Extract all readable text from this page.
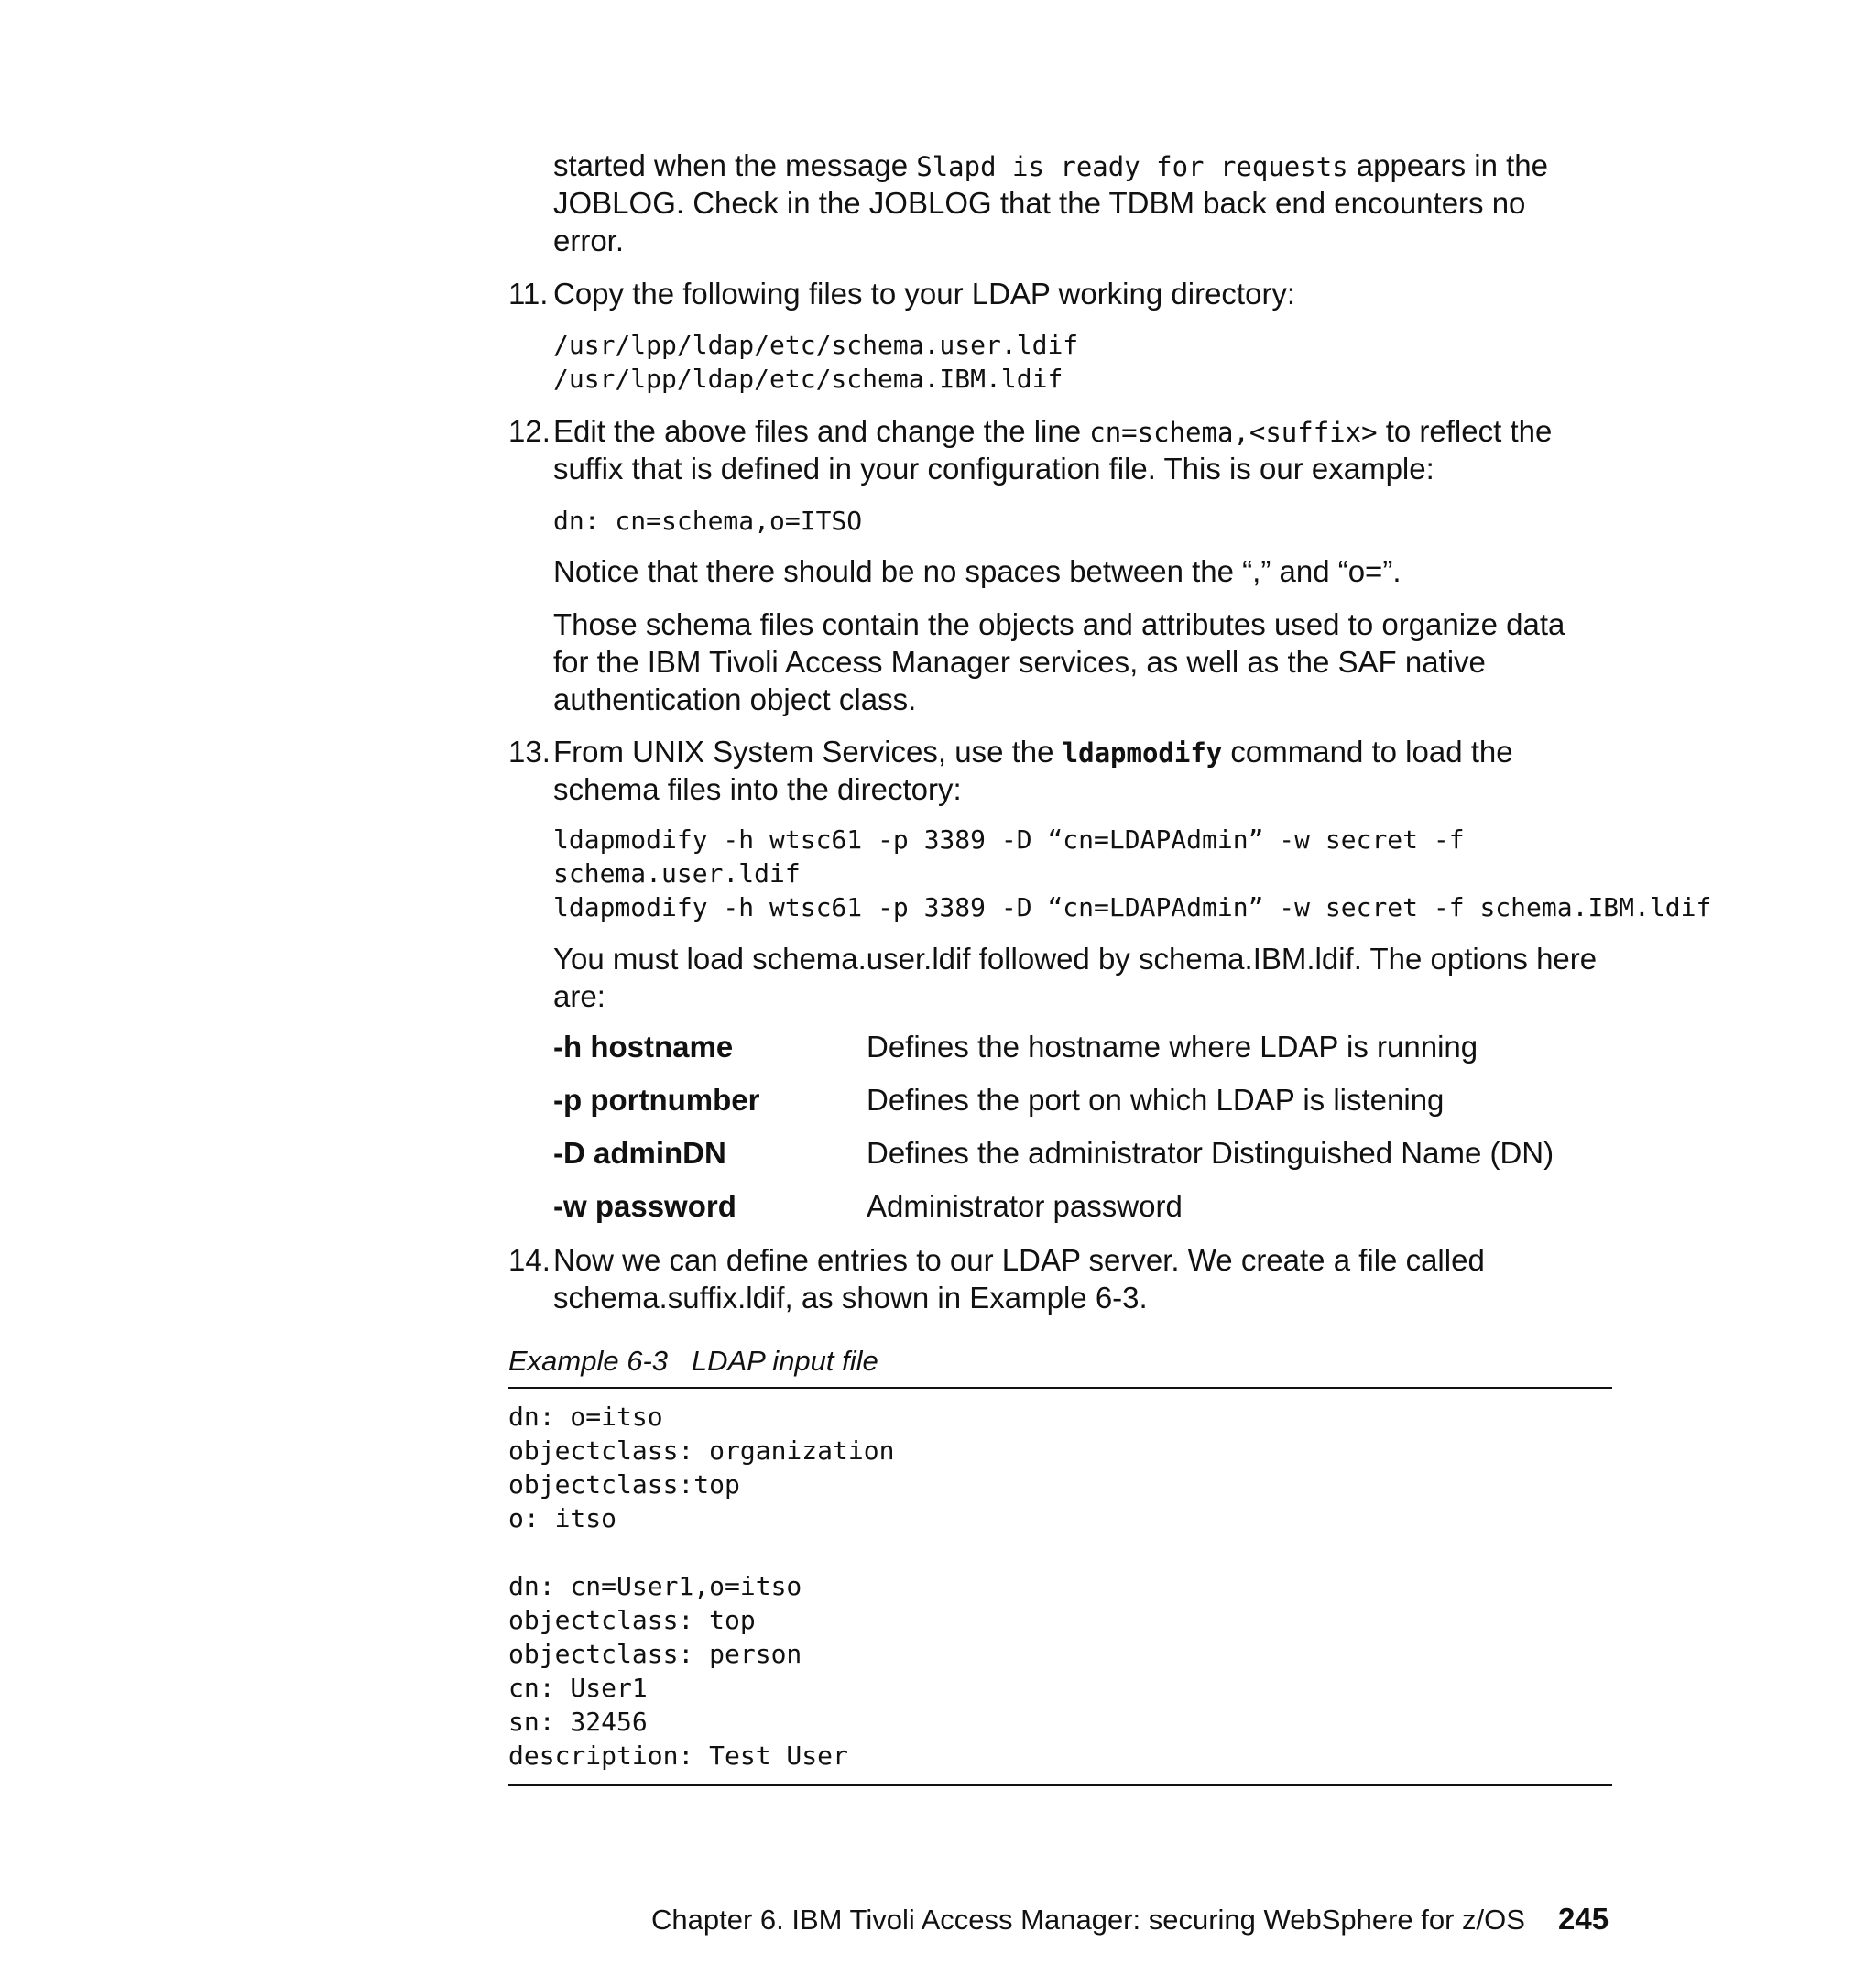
started when the message Slapd is ready for requests appears in the
JOBLOG. Check in the JOBLOG that the TDBM back end encounters no
error.
11. Copy the following files to your LDAP working directory:
/usr/lpp/ldap/etc/schema.user.ldif
/usr/lpp/ldap/etc/schema.IBM.ldif
12. Edit the above files and change the line cn=schema,<suffix> to reflect the
suffix that is defined in your configuration file. This is our example:
dn: cn=schema,o=ITSO
Notice that there should be no spaces between the “,” and “o=”.
Those schema files contain the objects and attributes used to organize data
for the IBM Tivoli Access Manager services, as well as the SAF native
authentication object class.
13. From UNIX System Services, use the ldapmodify command to load the
schema files into the directory:
ldapmodify -h wtsc61 -p 3389 -D “cn=LDAPAdmin” -w secret -f
schema.user.ldif
ldapmodify -h wtsc61 -p 3389 -D “cn=LDAPAdmin” -w secret -f schema.IBM.ldif
You must load schema.user.ldif followed by schema.IBM.ldif. The options here
are:
-h hostname	Defines the hostname where LDAP is running
-p portnumber	Defines the port on which LDAP is listening
-D adminDN	Defines the administrator Distinguished Name (DN)
-w password	Administrator password
14. Now we can define entries to our LDAP server. We create a file called
schema.suffix.ldif, as shown in Example 6-3.
Example 6-3   LDAP input file
dn: o=itso
objectclass: organization
objectclass:top
o: itso
dn: cn=User1,o=itso
objectclass: top
objectclass: person
cn: User1
sn: 32456
description: Test User
Chapter 6. IBM Tivoli Access Manager: securing WebSphere for z/OS 245
